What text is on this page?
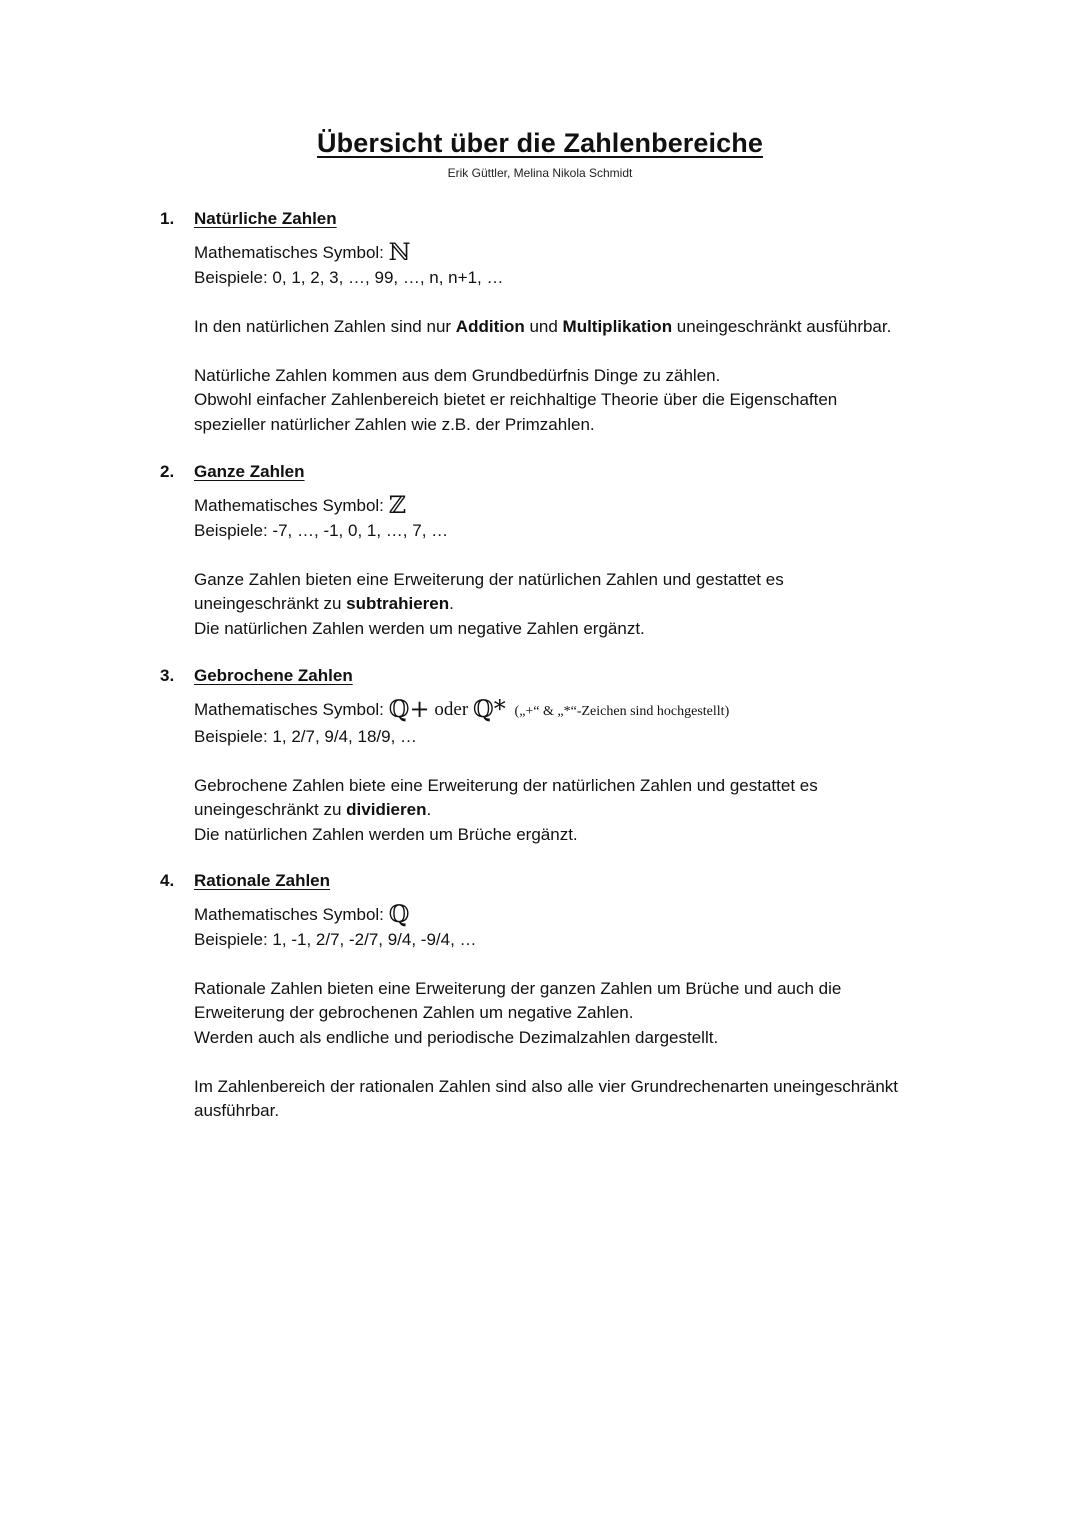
Übersicht über die Zahlenbereiche
Erik Güttler, Melina Nikola Schmidt
1. Natürliche Zahlen
Mathematisches Symbol: ℕ
Beispiele: 0, 1, 2, 3, …, 99, …, n, n+1, …
In den natürlichen Zahlen sind nur Addition und Multiplikation uneingeschränkt ausführbar.
Natürliche Zahlen kommen aus dem Grundbedürfnis Dinge zu zählen.
Obwohl einfacher Zahlenbereich bietet er reichhaltige Theorie über die Eigenschaften
spezieller natürlicher Zahlen wie z.B. der Primzahlen.
2. Ganze Zahlen
Mathematisches Symbol: ℤ
Beispiele: -7, …, -1, 0, 1, …, 7, …
Ganze Zahlen bieten eine Erweiterung der natürlichen Zahlen und gestattet es
uneingeschränkt zu subtrahieren.
Die natürlichen Zahlen werden um negative Zahlen ergänzt.
3. Gebrochene Zahlen
Mathematisches Symbol: ℚ+ oder ℚ* („+“ & „*“-Zeichen sind hochgestellt)
Beispiele: 1, 2/7, 9/4, 18/9, …
Gebrochene Zahlen biete eine Erweiterung der natürlichen Zahlen und gestattet es
uneingeschränkt zu dividieren.
Die natürlichen Zahlen werden um Brüche ergänzt.
4. Rationale Zahlen
Mathematisches Symbol: ℚ
Beispiele: 1, -1, 2/7, -2/7, 9/4, -9/4, …
Rationale Zahlen bieten eine Erweiterung der ganzen Zahlen um Brüche und auch die
Erweiterung der gebrochenen Zahlen um negative Zahlen.
Werden auch als endliche und periodische Dezimalzahlen dargestellt.
Im Zahlenbereich der rationalen Zahlen sind also alle vier Grundrechenarten uneingeschränkt
ausführbar.
